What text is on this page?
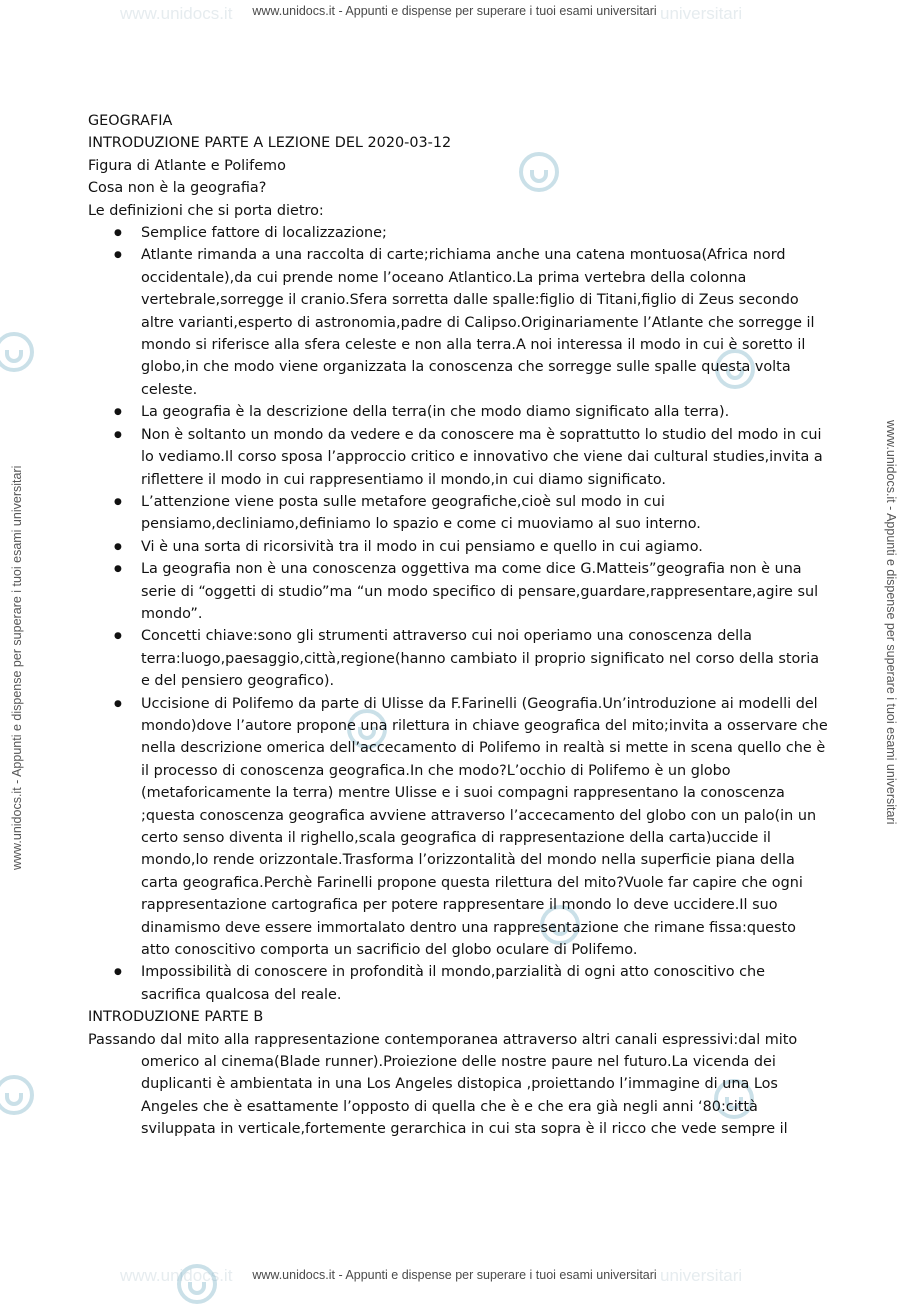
www.unidocs.it	universitari
www.unidocs.it	universitari
www.unidocs.it - Appunti e dispense per superare i tuoi esami universitari
www.unidocs.it - Appunti e dispense per superare i tuoi esami universitari
www.unidocs.it - Appunti e dispense per superare i tuoi esami universitari	www.unidocs.it - Appunti e dispense per superare i tuoi esami universitari
GEOGRAFIA
INTRODUZIONE PARTE A LEZIONE DEL 2020-03-12
Figura di Atlante e Polifemo
Cosa non è la geografia?
Le definizioni che si porta dietro:
● Semplice fattore di localizzazione;
● Atlante rimanda a una raccolta di carte;richiama anche una catena montuosa(Africa nord occidentale),da cui prende nome l’oceano Atlantico.La prima vertebra della colonna vertebrale,sorregge il cranio.Sfera sorretta dalle spalle:figlio di Titani,figlio di Zeus secondo altre varianti,esperto di astronomia,padre di Calipso.Originariamente l’Atlante che sorregge il mondo si riferisce alla sfera celeste e non alla terra.A noi interessa il modo in cui è soretto il globo,in che modo viene organizzata la conoscenza che sorregge sulle spalle questa volta celeste.
● La geografia è la descrizione della terra(in che modo diamo significato alla terra).
● Non è soltanto un mondo da vedere e da conoscere ma è soprattutto lo studio del modo in cui lo vediamo.Il corso sposa l’approccio critico e innovativo che viene dai cultural studies,invita a riflettere il modo in cui rappresentiamo il mondo,in cui diamo significato.
● L’attenzione viene posta sulle metafore geografiche,cioè sul modo in cui pensiamo,decliniamo,definiamo lo spazio e come ci muoviamo al suo interno.
● Vi è una sorta di ricorsività tra il modo in cui pensiamo e quello in cui agiamo.
● La geografia non è una conoscenza oggettiva ma come dice G.Matteis”geografia non è una serie di “oggetti di studio”ma “un modo specifico di pensare,guardare,rappresentare,agire sul mondo”.
● Concetti chiave:sono gli strumenti attraverso cui noi operiamo una conoscenza della terra:luogo,paesaggio,città,regione(hanno cambiato il proprio significato nel corso della storia e del pensiero geografico).
● Uccisione di Polifemo da parte di Ulisse da F.Farinelli (Geografia.Un’introduzione ai modelli del mondo)dove l’autore propone una rilettura in chiave geografica del mito;invita a osservare che nella descrizione omerica dell’accecamento di Polifemo in realtà si mette in scena quello che è il processo di conoscenza geografica.In che modo?L’occhio di Polifemo è un globo (metaforicamente la terra) mentre Ulisse e i suoi compagni rappresentano la conoscenza ;questa conoscenza geografica avviene attraverso l’accecamento del globo con un palo(in un certo senso diventa il righello,scala geografica di rappresentazione della carta)uccide il mondo,lo rende orizzontale.Trasforma l’orizzontalità del mondo nella superficie piana della carta geografica.Perchè Farinelli propone questa rilettura del mito?Vuole far capire che ogni rappresentazione cartografica per potere rappresentare il mondo lo deve uccidere.Il suo dinamismo deve essere immortalato dentro una rappresentazione che rimane fissa:questo atto conoscitivo comporta un sacrificio del globo oculare di Polifemo.
● Impossibilità di conoscere in profondità il mondo,parzialità di ogni atto conoscitivo che sacrifica qualcosa del reale.
INTRODUZIONE PARTE B

Passando dal mito alla rappresentazione contemporanea attraverso altri canali espressivi:dal mito omerico al cinema(Blade runner).Proiezione delle nostre paure nel futuro.La vicenda dei duplicanti è ambientata in una Los Angeles distopica ,proiettando l’immagine di una Los Angeles che è esattamente l’opposto di quella che è e che era già negli anni ‘80:città sviluppata in verticale,fortemente gerarchica in cui sta sopra è il ricco che vede sempre il
